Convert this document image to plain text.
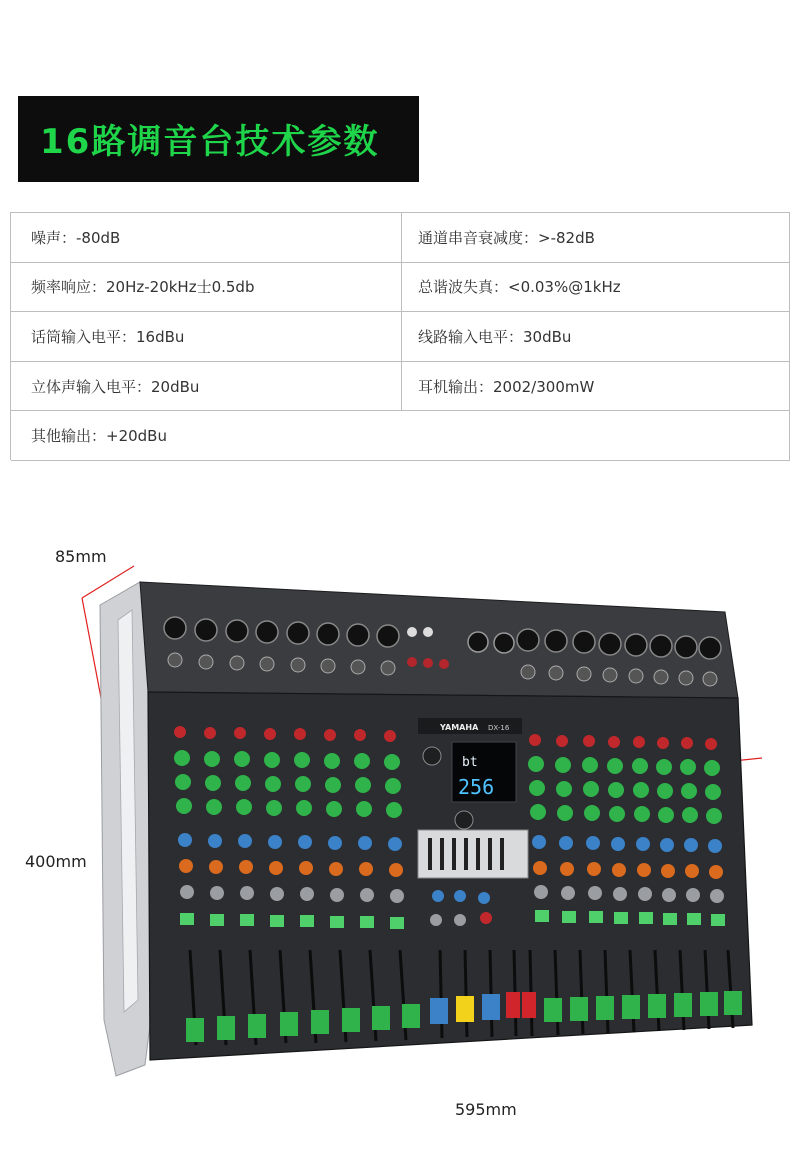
16路调音台技术参数
噪声：-80dB	通道串音衰减度：>-82dB
频率响应：20Hz-20kHz士0.5db	总谐波失真：<0.03%@1kHz
话筒输入电平：16dBu	线路输入电平：30dBu
立体声输入电平：20dBu	耳机输出：2002/300mW
其他输出：+20dBu
85mm
400mm
595mm
YAMAHA DX-16
bt
256
